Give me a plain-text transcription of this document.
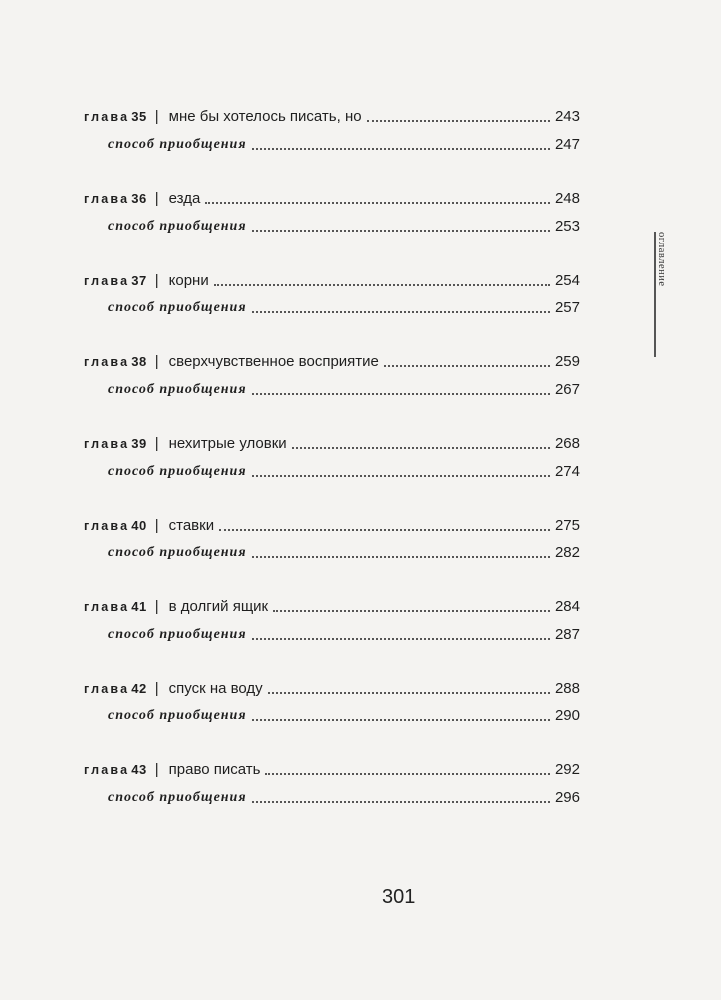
глава 35 | мне бы хотелось писать, но	243
способ приобщения	247
глава 36 | езда	248
способ приобщения	253
глава 37 | корни	254
способ приобщения	257
глава 38 | сверхчувственное восприятие	259
способ приобщения	267
глава 39 | нехитрые уловки	268
способ приобщения	274
глава 40 | ставки	275
способ приобщения	282
глава 41 | в долгий ящик	284
способ приобщения	287
глава 42 | спуск на воду	288
способ приобщения	290
глава 43 | право писать	292
способ приобщения	296
оглавление
301
